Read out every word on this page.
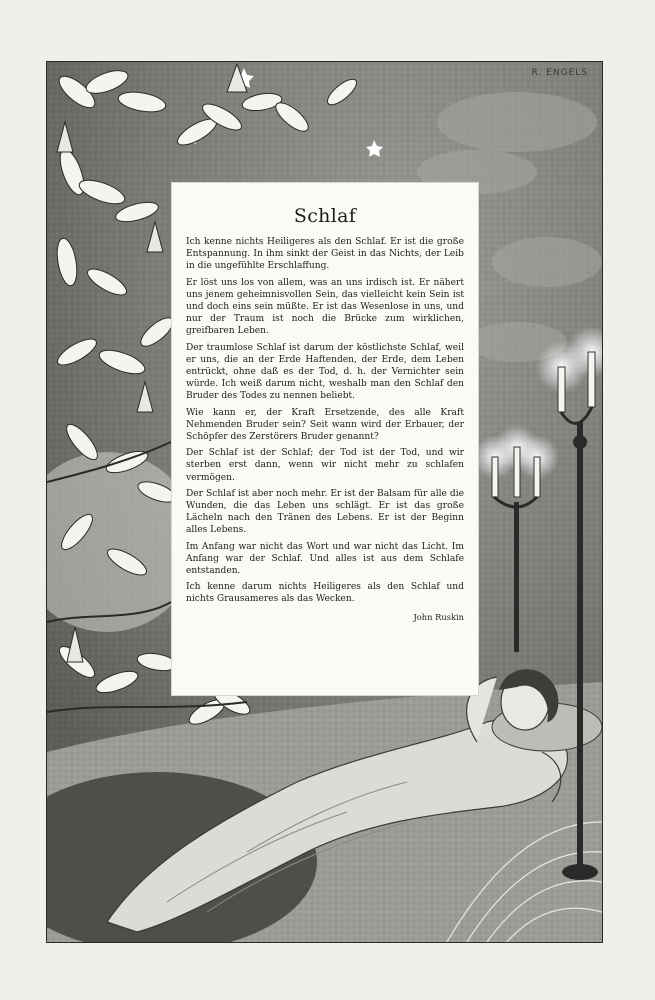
R. ENGELS
Schlaf

Ich kenne nichts Heiligeres als den Schlaf. Er ist die große Entspannung. In ihm sinkt der Geist in das Nichts, der Leib in die ungefühlte Erschlaffung.

Er löst uns los von allem, was an uns irdisch ist. Er nähert uns jenem geheimnisvollen Sein, das vielleicht kein Sein ist und doch eins sein müßte. Er ist das Wesenlose in uns, und nur der Traum ist noch die Brücke zum wirklichen, greifbaren Leben.

Der traumlose Schlaf ist darum der köstlichste Schlaf, weil er uns, die an der Erde Haftenden, der Erde, dem Leben entrückt, ohne daß es der Tod, d. h. der Vernichter sein würde. Ich weiß darum nicht, weshalb man den Schlaf den Bruder des Todes zu nennen beliebt.

Wie kann er, der Kraft Ersetzende, des alle Kraft Nehmenden Bruder sein? Seit wann wird der Erbauer, der Schöpfer des Zerstörers Bruder genannt?

Der Schlaf ist der Schlaf; der Tod ist der Tod, und wir sterben erst dann, wenn wir nicht mehr zu schlafen vermögen.

Der Schlaf ist aber noch mehr. Er ist der Balsam für alle die Wunden, die das Leben uns schlägt. Er ist das große Lächeln nach den Tränen des Lebens. Er ist der Beginn alles Lebens.

Im Anfang war nicht das Wort und war nicht das Licht. Im Anfang war der Schlaf. Und alles ist aus dem Schlafe entstanden.

Ich kenne darum nichts Heiligeres als den Schlaf und nichts Grausameres als das Wecken.

John Ruskin
